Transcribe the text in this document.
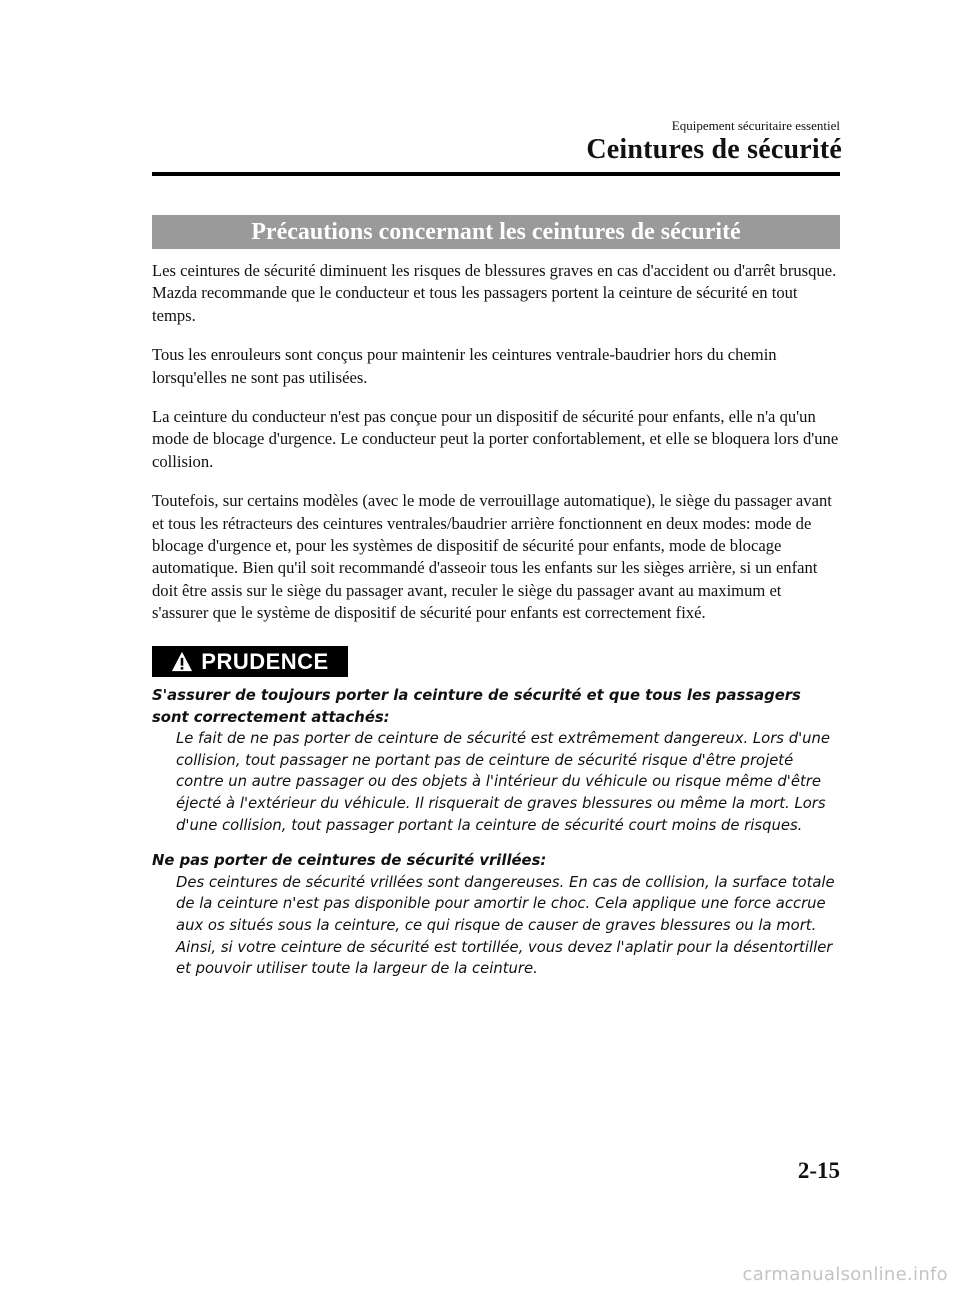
Equipement sécuritaire essentiel
Ceintures de sécurité
Précautions concernant les ceintures de sécurité

Les ceintures de sécurité diminuent les risques de blessures graves en cas d'accident ou d'arrêt brusque. Mazda recommande que le conducteur et tous les passagers portent la ceinture de sécurité en tout temps.

Tous les enrouleurs sont conçus pour maintenir les ceintures ventrale-baudrier hors du chemin lorsqu'elles ne sont pas utilisées.

La ceinture du conducteur n'est pas conçue pour un dispositif de sécurité pour enfants, elle n'a qu'un mode de blocage d'urgence. Le conducteur peut la porter confortablement, et elle se bloquera lors d'une collision.

Toutefois, sur certains modèles (avec le mode de verrouillage automatique), le siège du passager avant et tous les rétracteurs des ceintures ventrales/baudrier arrière fonctionnent en deux modes: mode de blocage d'urgence et, pour les systèmes de dispositif de sécurité pour enfants, mode de blocage automatique. Bien qu'il soit recommandé d'asseoir tous les enfants sur les sièges arrière, si un enfant doit être assis sur le siège du passager avant, reculer le siège du passager avant au maximum et s'assurer que le système de dispositif de sécurité pour enfants est correctement fixé.

PRUDENCE

S'assurer de toujours porter la ceinture de sécurité et que tous les passagers sont correctement attachés:

Le fait de ne pas porter de ceinture de sécurité est extrêmement dangereux. Lors d'une collision, tout passager ne portant pas de ceinture de sécurité risque d'être projeté contre un autre passager ou des objets à l'intérieur du véhicule ou risque même d'être éjecté à l'extérieur du véhicule. Il risquerait de graves blessures ou même la mort. Lors d'une collision, tout passager portant la ceinture de sécurité court moins de risques.

Ne pas porter de ceintures de sécurité vrillées:

Des ceintures de sécurité vrillées sont dangereuses. En cas de collision, la surface totale de la ceinture n'est pas disponible pour amortir le choc. Cela applique une force accrue aux os situés sous la ceinture, ce qui risque de causer de graves blessures ou la mort. Ainsi, si votre ceinture de sécurité est tortillée, vous devez l'aplatir pour la désentortiller et pouvoir utiliser toute la largeur de la ceinture.

2-15
carmanualsonline.info
